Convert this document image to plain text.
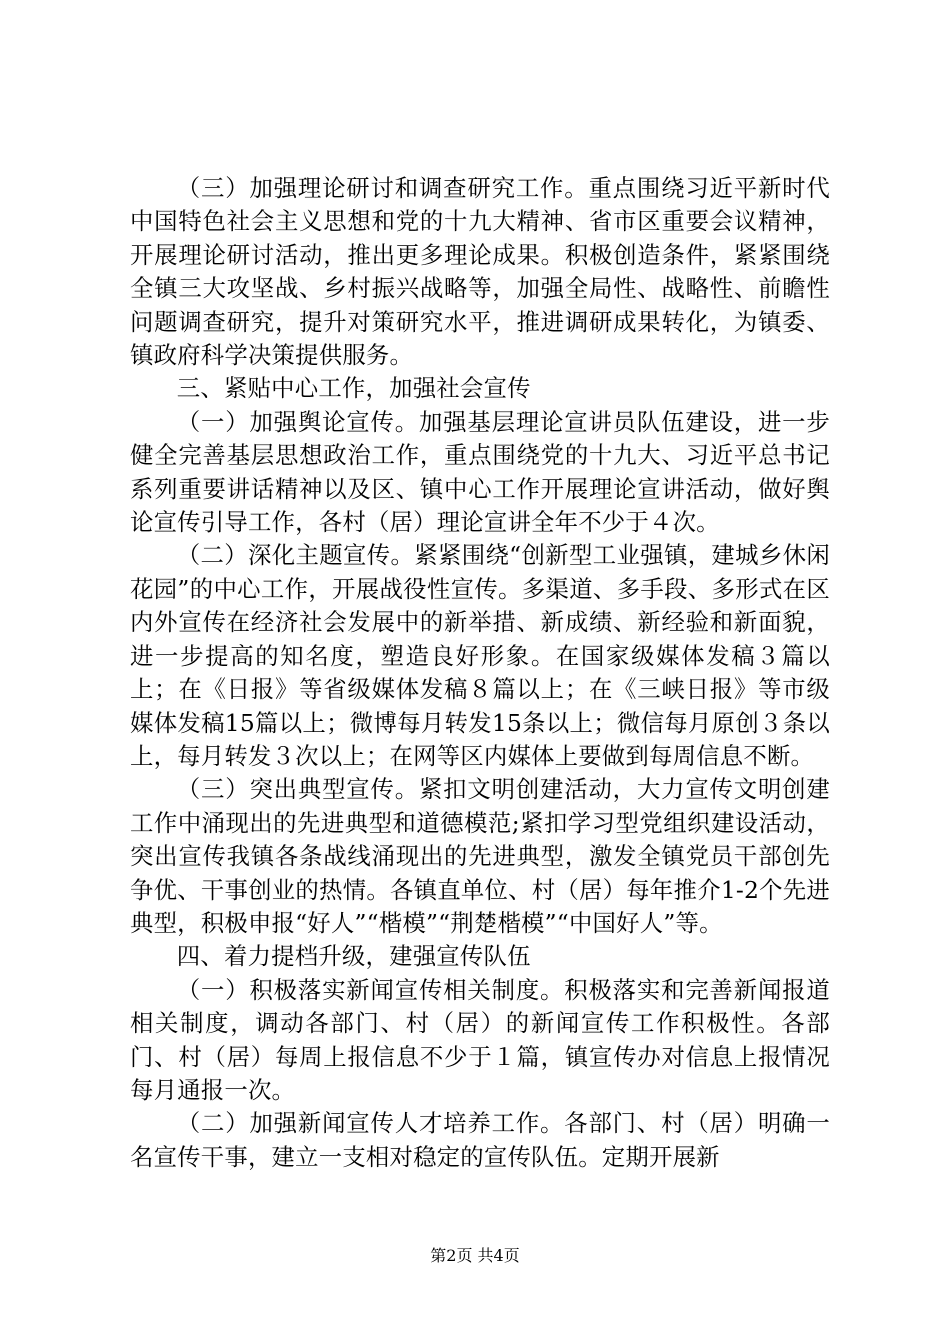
（三）加强理论研讨和调查研究工作。重点围绕习近平新时代中国特色社会主义思想和党的十九大精神、省市区重要会议精神，开展理论研讨活动，推出更多理论成果。积极创造条件，紧紧围绕全镇三大攻坚战、乡村振兴战略等，加强全局性、战略性、前瞻性问题调查研究，提升对策研究水平，推进调研成果转化，为镇委、镇政府科学决策提供服务。

三、紧贴中心工作，加强社会宣传

（一）加强舆论宣传。加强基层理论宣讲员队伍建设，进一步健全完善基层思想政治工作，重点围绕党的十九大、习近平总书记系列重要讲话精神以及区、镇中心工作开展理论宣讲活动，做好舆论宣传引导工作，各村（居）理论宣讲全年不少于４次。

（二）深化主题宣传。紧紧围绕“创新型工业强镇，建城乡休闲花园”的中心工作，开展战役性宣传。多渠道、多手段、多形式在区内外宣传在经济社会发展中的新举措、新成绩、新经验和新面貌，进一步提高的知名度，塑造良好形象。在国家级媒体发稿３篇以上；在《日报》等省级媒体发稿８篇以上；在《三峡日报》等市级媒体发稿15篇以上；微博每月转发15条以上；微信每月原创３条以上，每月转发３次以上；在网等区内媒体上要做到每周信息不断。

（三）突出典型宣传。紧扣文明创建活动，大力宣传文明创建工作中涌现出的先进典型和道德模范;紧扣学习型党组织建设活动，突出宣传我镇各条战线涌现出的先进典型，激发全镇党员干部创先争优、干事创业的热情。各镇直单位、村（居）每年推介1-2个先进典型，积极申报“好人”“楷模”“荆楚楷模”“中国好人”等。

四、着力提档升级，建强宣传队伍

（一）积极落实新闻宣传相关制度。积极落实和完善新闻报道相关制度，调动各部门、村（居）的新闻宣传工作积极性。各部门、村（居）每周上报信息不少于１篇，镇宣传办对信息上报情况每月通报一次。

（二）加强新闻宣传人才培养工作。各部门、村（居）明确一名宣传干事，建立一支相对稳定的宣传队伍。定期开展新

第2页 共4页
